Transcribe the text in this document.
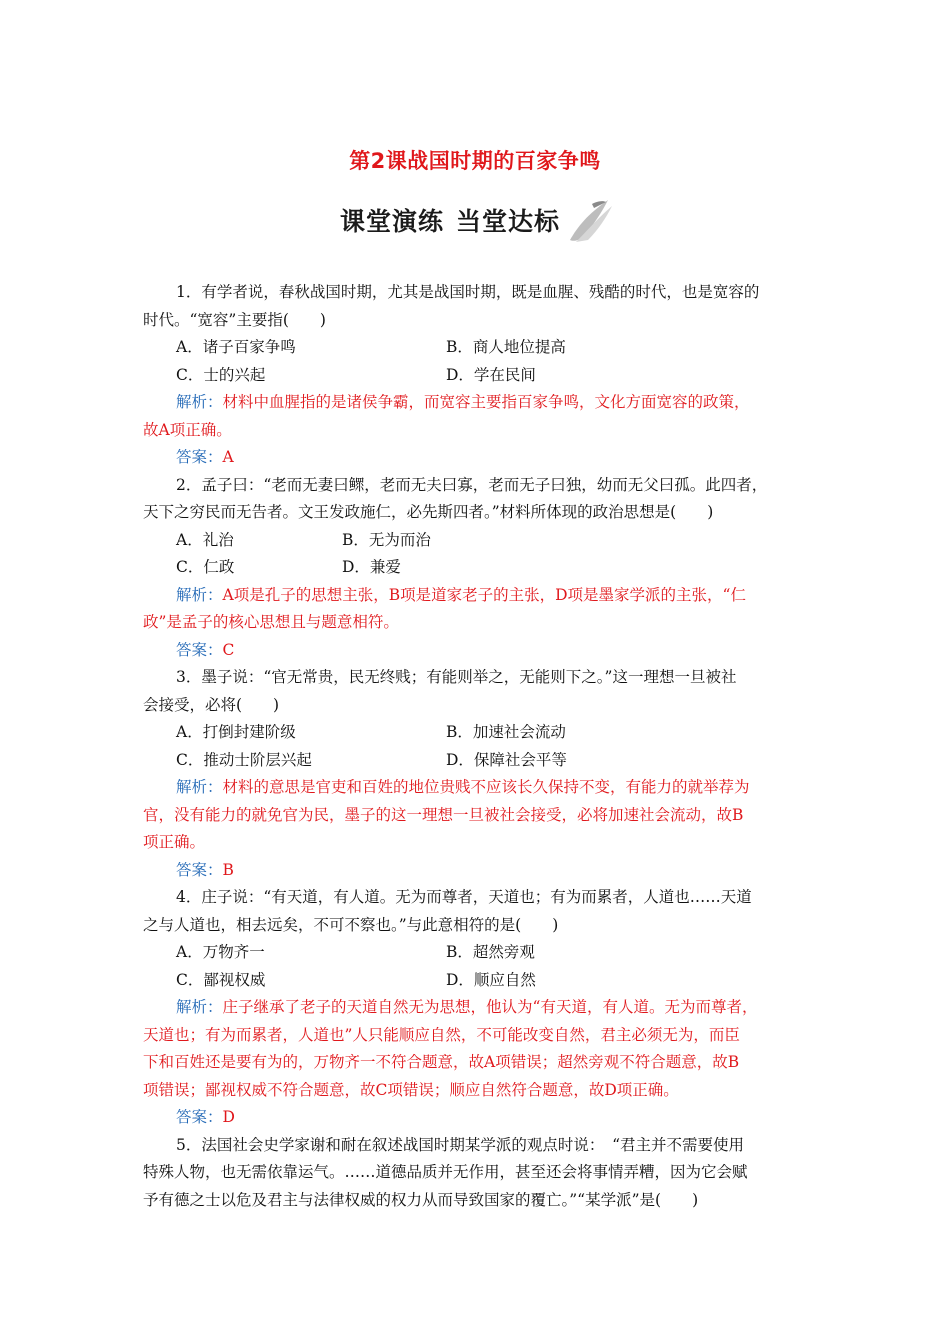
第2课战国时期的百家争鸣
课堂演练 当堂达标
1．有学者说，春秋战国时期，尤其是战国时期，既是血腥、残酷的时代，也是宽容的
时代。“宽容”主要指(　　)
A．诸子百家争鸣	B．商人地位提高
C．士的兴起	D．学在民间
解析：材料中血腥指的是诸侯争霸，而宽容主要指百家争鸣，文化方面宽容的政策，
故A项正确。
答案：A
2．孟子曰：“老而无妻曰鳏，老而无夫曰寡，老而无子曰独，幼而无父曰孤。此四者，
天下之穷民而无告者。文王发政施仁，必先斯四者。”材料所体现的政治思想是(　　)
A．礼治	B．无为而治
C．仁政	D．兼爱
解析：A项是孔子的思想主张，B项是道家老子的主张，D项是墨家学派的主张，“仁
政”是孟子的核心思想且与题意相符。
答案：C
3．墨子说：“官无常贵，民无终贱；有能则举之，无能则下之。”这一理想一旦被社
会接受，必将(　　)
A．打倒封建阶级	B．加速社会流动
C．推动士阶层兴起	D．保障社会平等
解析：材料的意思是官吏和百姓的地位贵贱不应该长久保持不变，有能力的就举荐为
官，没有能力的就免官为民，墨子的这一理想一旦被社会接受，必将加速社会流动，故B
项正确。
答案：B
4．庄子说：“有天道，有人道。无为而尊者，天道也；有为而累者，人道也……天道
之与人道也，相去远矣，不可不察也。”与此意相符的是(　　)
A．万物齐一	B．超然旁观
C．鄙视权威	D．顺应自然
解析：庄子继承了老子的天道自然无为思想，他认为“有天道，有人道。无为而尊者，
天道也；有为而累者，人道也”人只能顺应自然，不可能改变自然，君主必须无为，而臣
下和百姓还是要有为的，万物齐一不符合题意，故A项错误；超然旁观不符合题意，故B
项错误；鄙视权威不符合题意，故C项错误；顺应自然符合题意，故D项正确。
答案：D
5．法国社会史学家谢和耐在叙述战国时期某学派的观点时说：　“君主并不需要使用
特殊人物，也无需依靠运气。……道德品质并无作用，甚至还会将事情弄糟，因为它会赋
予有德之士以危及君主与法律权威的权力从而导致国家的覆亡。”“某学派”是(　　)
